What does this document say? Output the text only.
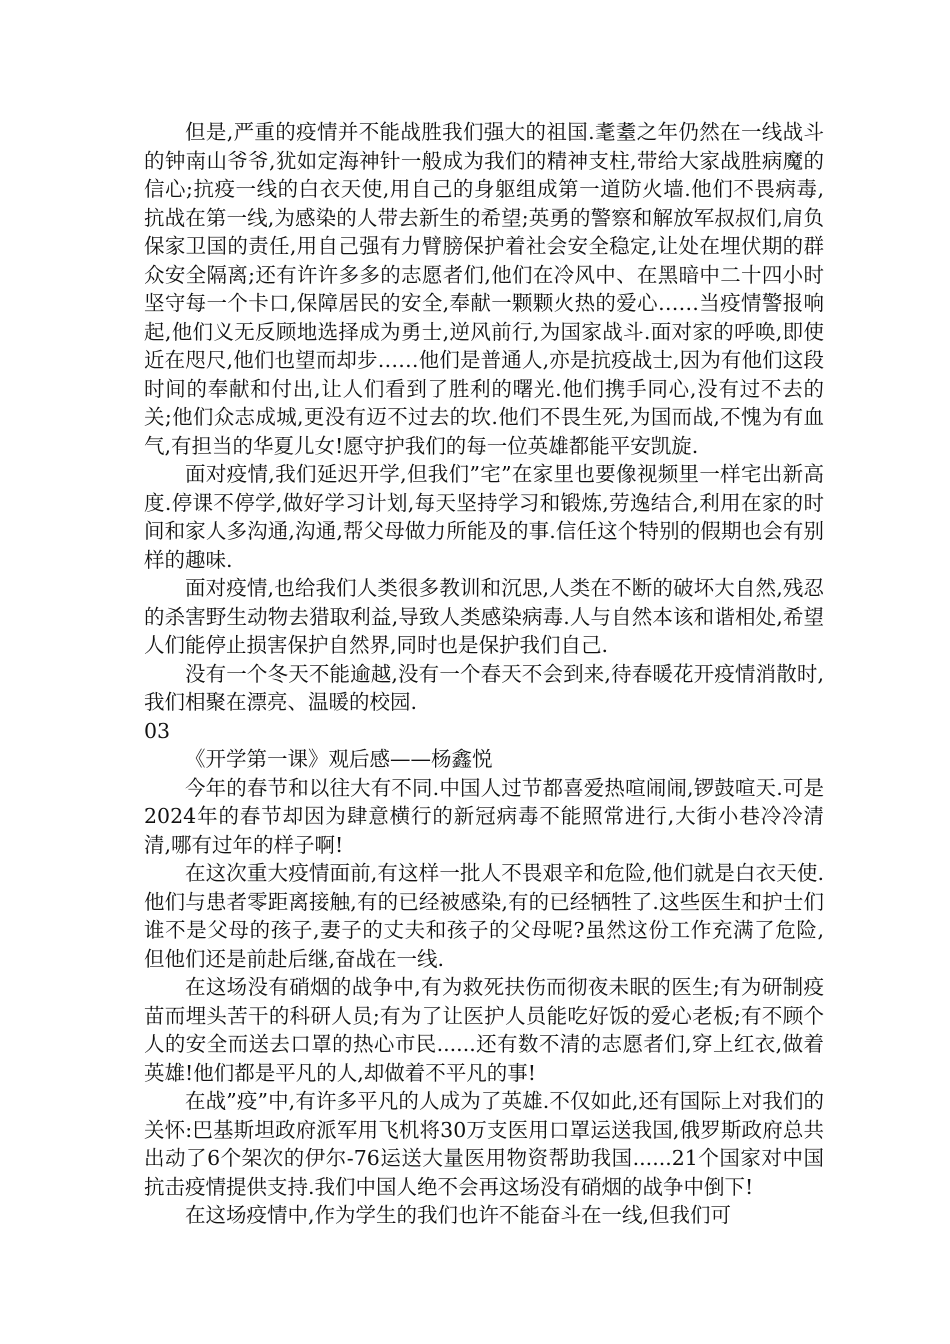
但是,严重的疫情并不能战胜我们强大的祖国.耄耋之年仍然在一线战斗的钟南山爷爷,犹如定海神针一般成为我们的精神支柱,带给大家战胜病魔的信心;抗疫一线的白衣天使,用自己的身躯组成第一道防火墙.他们不畏病毒,抗战在第一线,为感染的人带去新生的希望;英勇的警察和解放军叔叔们,肩负保家卫国的责任,用自己强有力臂膀保护着社会安全稳定,让处在埋伏期的群众安全隔离;还有许许多多的志愿者们,他们在冷风中、在黑暗中二十四小时坚守每一个卡口,保障居民的安全,奉献一颗颗火热的爱心……当疫情警报响起,他们义无反顾地选择成为勇士,逆风前行,为国家战斗.面对家的呼唤,即使近在咫尺,他们也望而却步……他们是普通人,亦是抗疫战士,因为有他们这段时间的奉献和付出,让人们看到了胜利的曙光.他们携手同心,没有过不去的关;他们众志成城,更没有迈不过去的坎.他们不畏生死,为国而战,不愧为有血气,有担当的华夏儿女!愿守护我们的每一位英雄都能平安凯旋.

面对疫情,我们延迟开学,但我们”宅”在家里也要像视频里一样宅出新高度.停课不停学,做好学习计划,每天坚持学习和锻炼,劳逸结合,利用在家的时间和家人多沟通,沟通,帮父母做力所能及的事.信任这个特别的假期也会有别样的趣味.

面对疫情,也给我们人类很多教训和沉思,人类在不断的破坏大自然,残忍的杀害野生动物去猎取利益,导致人类感染病毒.人与自然本该和谐相处,希望人们能停止损害保护自然界,同时也是保护我们自己.

没有一个冬天不能逾越,没有一个春天不会到来,待春暖花开疫情消散时,我们相聚在漂亮、温暖的校园.

03

《开学第一课》观后感——杨鑫悦

今年的春节和以往大有不同.中国人过节都喜爱热喧闹闹,锣鼓喧天.可是2024年的春节却因为肆意横行的新冠病毒不能照常进行,大街小巷冷冷清清,哪有过年的样子啊!

在这次重大疫情面前,有这样一批人不畏艰辛和危险,他们就是白衣天使.他们与患者零距离接触,有的已经被感染,有的已经牺牲了.这些医生和护士们谁不是父母的孩子,妻子的丈夫和孩子的父母呢?虽然这份工作充满了危险,但他们还是前赴后继,奋战在一线.

在这场没有硝烟的战争中,有为救死扶伤而彻夜未眠的医生;有为研制疫苗而埋头苦干的科研人员;有为了让医护人员能吃好饭的爱心老板;有不顾个人的安全而送去口罩的热心市民......还有数不清的志愿者们,穿上红衣,做着英雄!他们都是平凡的人,却做着不平凡的事!

在战”疫”中,有许多平凡的人成为了英雄.不仅如此,还有国际上对我们的关怀:巴基斯坦政府派军用飞机将30万支医用口罩运送我国,俄罗斯政府总共出动了6个架次的伊尔-76运送大量医用物资帮助我国......21个国家对中国抗击疫情提供支持.我们中国人绝不会再这场没有硝烟的战争中倒下!

在这场疫情中,作为学生的我们也许不能奋斗在一线,但我们可
